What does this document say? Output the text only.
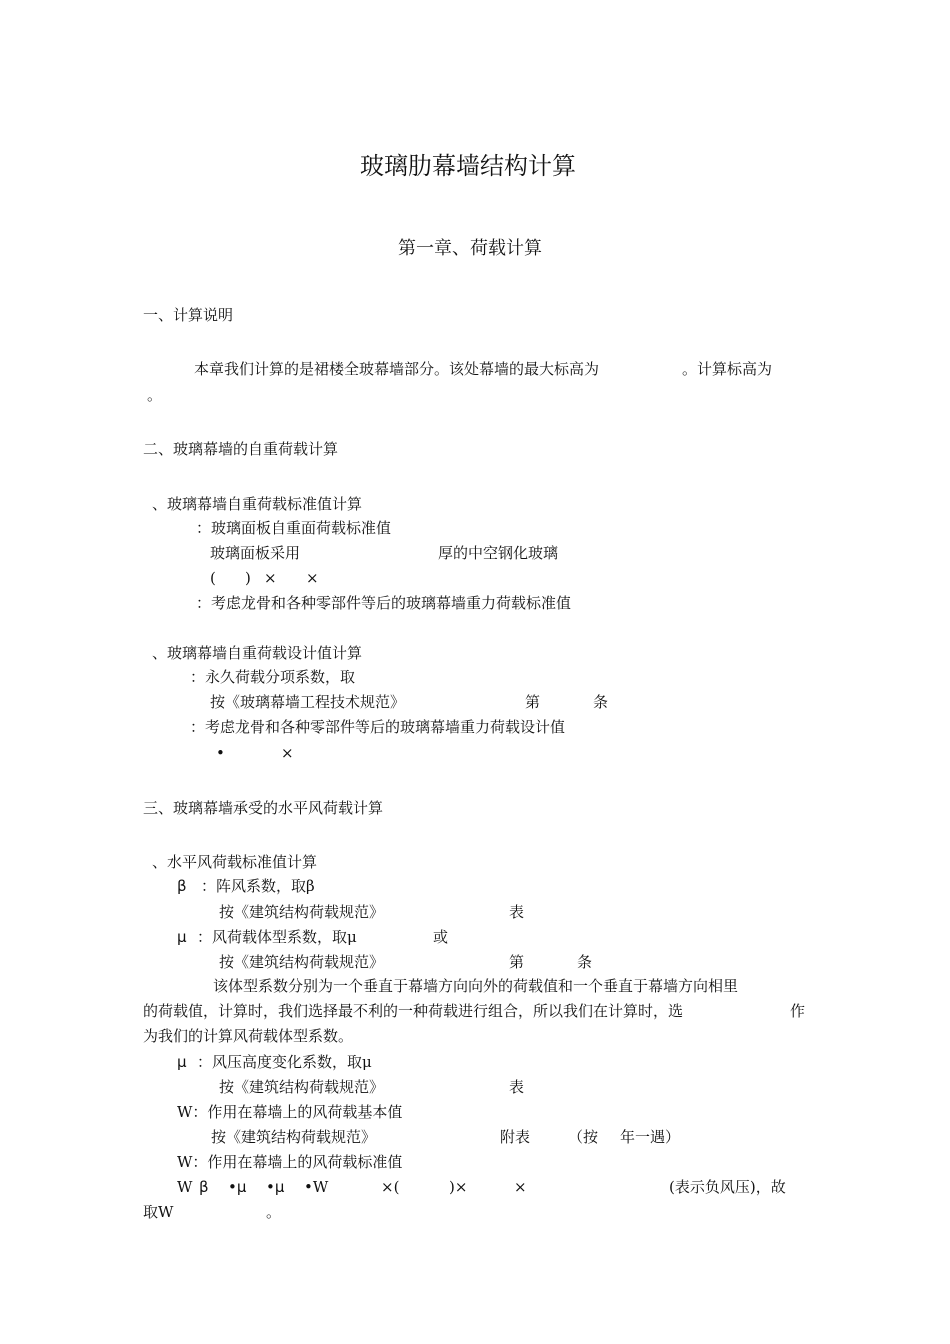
玻璃肋幕墙结构计算
第一章、荷载计算
一、计算说明
本章我们计算的是裙楼全玻幕墙部分。该处幕墙的最大标高为	。计算标高为
。
二、玻璃幕墙的自重荷载计算
、玻璃幕墙自重荷载标准值计算
：玻璃面板自重面荷载标准值
玻璃面板采用	厚的中空钢化玻璃
( ) × ×
：考虑龙骨和各种零部件等后的玻璃幕墙重力荷载标准值
、玻璃幕墙自重荷载设计值计算
：永久荷载分项系数，取
按《玻璃幕墙工程技术规范》	第	条
：考虑龙骨和各种零部件等后的玻璃幕墙重力荷载设计值
•	×
三、玻璃幕墙承受的水平风荷载计算
、水平风荷载标准值计算
β ：阵风系数，取β
按《建筑结构荷载规范》	表
μ ：风荷载体型系数，取μ	或
按《建筑结构荷载规范》	第	条
该体型系数分别为一个垂直于幕墙方向向外的荷载值和一个垂直于幕墙方向相里
的荷载值，计算时，我们选择最不利的一种荷载进行组合，所以我们在计算时，选	作
为我们的计算风荷载体型系数。
μ ：风压高度变化系数，取μ
按《建筑结构荷载规范》	表
W：作用在幕墙上的风荷载基本值
按《建筑结构荷载规范》	附表	（按 年一遇）
W：作用在幕墙上的风荷载标准值
W β •μ •μ •W	×(	)×	×	(表示负风压)，故
取W	。
